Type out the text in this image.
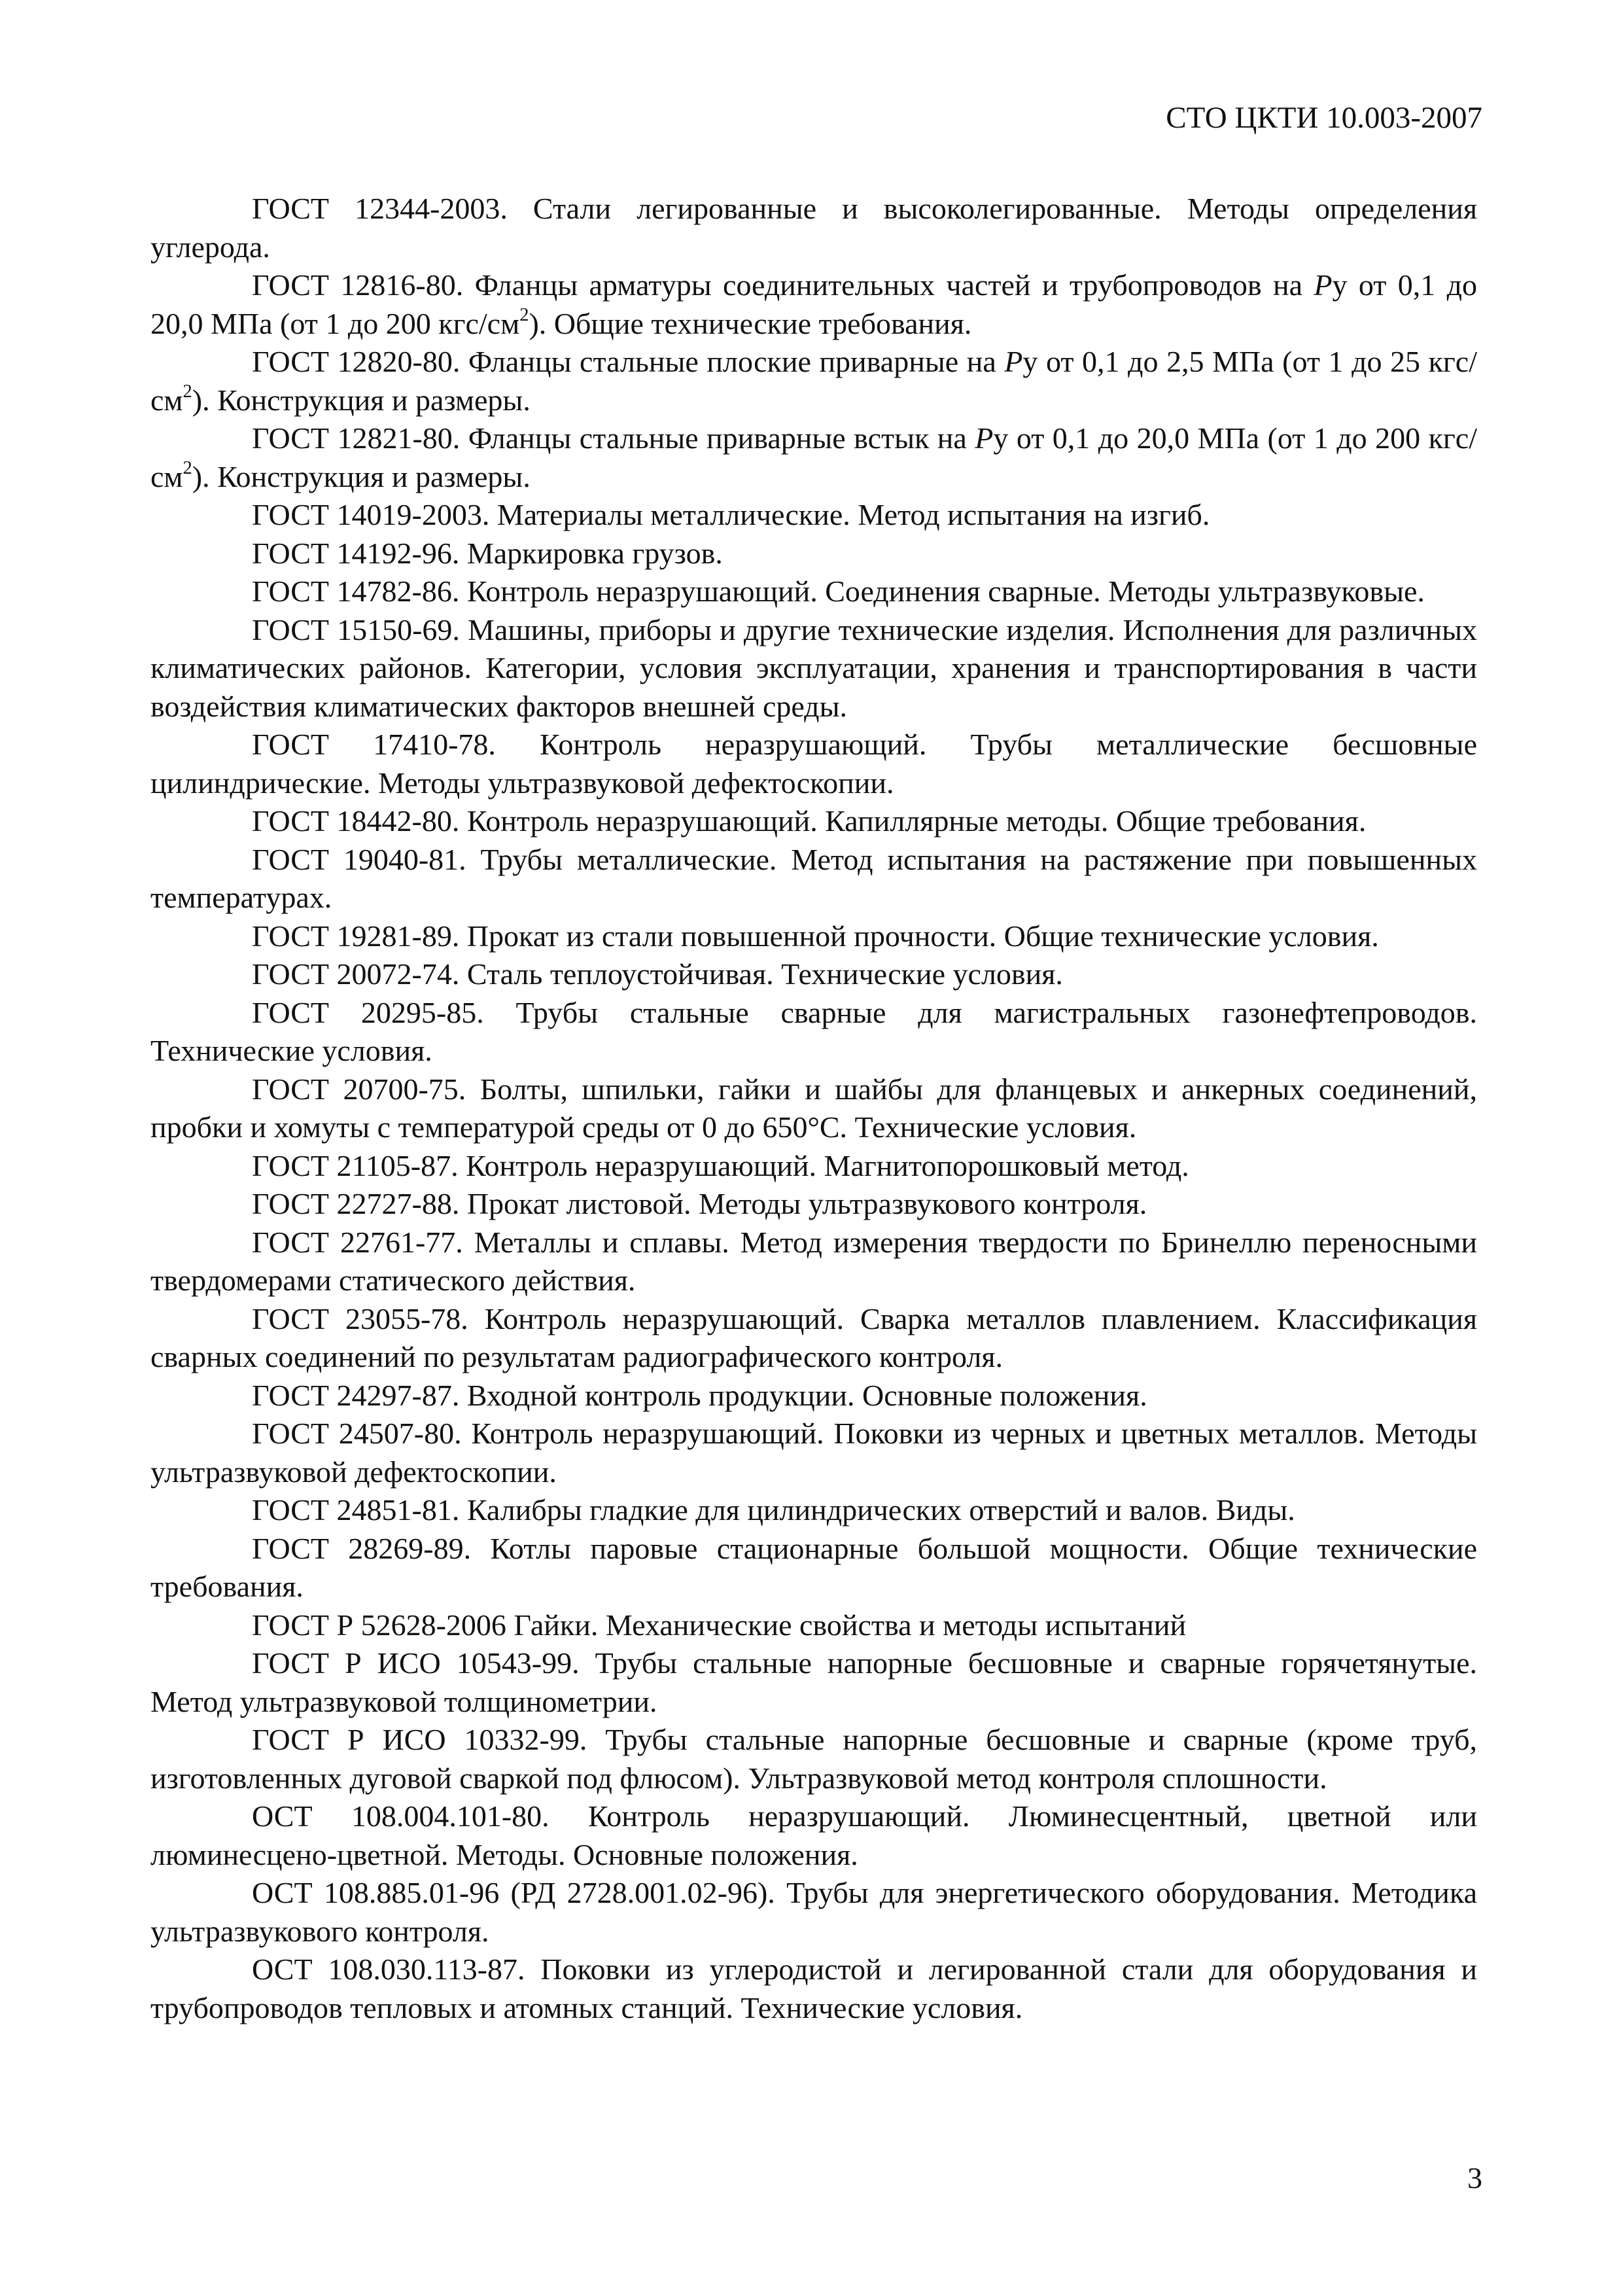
СТО ЦКТИ 10.003-2007

ГОСТ 12344-2003. Стали легированные и высоколегированные. Методы определения углерода.

ГОСТ 12816-80. Фланцы арматуры соединительных частей и трубопроводов на Pу от 0,1 до 20,0 МПа (от 1 до 200 кгс/$см^2$). Общие технические требования.

ГОСТ 12820-80. Фланцы стальные плоские приварные на Pу от 0,1 до 2,5 МПа (от 1 до 25 кгс/$см^2$). Конструкция и размеры.

ГОСТ 12821-80. Фланцы стальные приварные встык на Pу от 0,1 до 20,0 МПа (от 1 до 200 кгс/$см^2$). Конструкция и размеры.

ГОСТ 14019-2003. Материалы металлические. Метод испытания на изгиб.

ГОСТ 14192-96. Маркировка грузов.

ГОСТ 14782-86. Контроль неразрушающий. Соединения сварные. Методы ультразвуковые.

ГОСТ 15150-69. Машины, приборы и другие технические изделия. Исполнения для различных климатических районов. Категории, условия эксплуатации, хранения и транспортирования в части воздействия климатических факторов внешней среды.

ГОСТ 17410-78. Контроль неразрушающий. Трубы металлические бесшовные цилиндрические. Методы ультразвуковой дефектоскопии.

ГОСТ 18442-80. Контроль неразрушающий. Капиллярные методы. Общие требования.

ГОСТ 19040-81. Трубы металлические. Метод испытания на растяжение при повышенных температурах.

ГОСТ 19281-89. Прокат из стали повышенной прочности. Общие технические условия.

ГОСТ 20072-74. Сталь теплоустойчивая. Технические условия.

ГОСТ 20295-85. Трубы стальные сварные для магистральных газонефтепроводов. Технические условия.

ГОСТ 20700-75. Болты, шпильки, гайки и шайбы для фланцевых и анкерных соединений, пробки и хомуты с температурой среды от 0 до 650°С. Технические условия.

ГОСТ 21105-87. Контроль неразрушающий. Магнитопорошковый метод.

ГОСТ 22727-88. Прокат листовой. Методы ультразвукового контроля.

ГОСТ 22761-77. Металлы и сплавы. Метод измерения твердости по Бринеллю переносными твердомерами статического действия.

ГОСТ 23055-78. Контроль неразрушающий. Сварка металлов плавлением. Классификация сварных соединений по результатам радиографического контроля.

ГОСТ 24297-87. Входной контроль продукции. Основные положения.

ГОСТ 24507-80. Контроль неразрушающий. Поковки из черных и цветных металлов. Методы ультразвуковой дефектоскопии.

ГОСТ 24851-81. Калибры гладкие для цилиндрических отверстий и валов. Виды.

ГОСТ 28269-89. Котлы паровые стационарные большой мощности. Общие технические требования.

ГОСТ Р 52628-2006 Гайки. Механические свойства и методы испытаний

ГОСТ Р ИСО 10543-99. Трубы стальные напорные бесшовные и сварные горячетянутые. Метод ультразвуковой толщинометрии.

ГОСТ Р ИСО 10332-99. Трубы стальные напорные бесшовные и сварные (кроме труб, изготовленных дуговой сваркой под флюсом). Ультразвуковой метод контроля сплошности.

ОСТ 108.004.101-80. Контроль неразрушающий. Люминесцентный, цветной или люминесцено-цветной. Методы. Основные положения.

ОСТ 108.885.01-96 (РД 2728.001.02-96). Трубы для энергетического оборудования. Методика ультразвукового контроля.

ОСТ 108.030.113-87. Поковки из углеродистой и легированной стали для оборудования и трубопроводов тепловых и атомных станций. Технические условия.

3
